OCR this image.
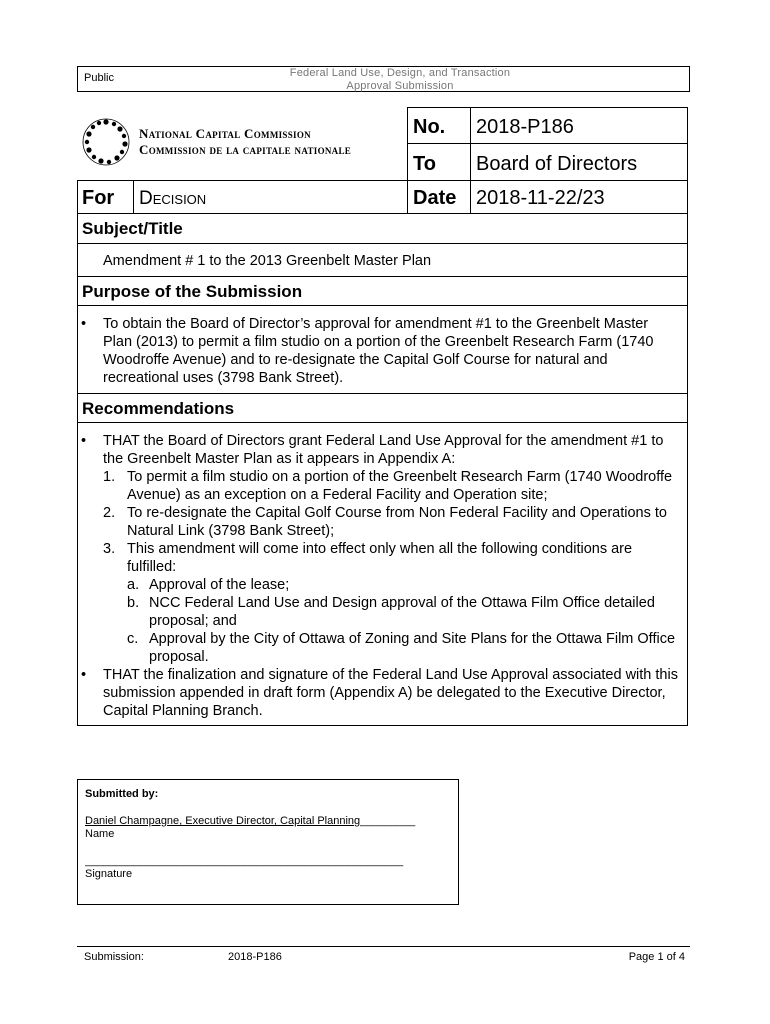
Public	Federal Land Use, Design, and Transaction
Approval Submission
National Capital Commission
Commission de la capitale nationale
No. 2018-P186
To Board of Directors
For Decision	Date 2018-11-22/23
Subject/Title
Amendment # 1 to the 2013 Greenbelt Master Plan
Purpose of the Submission
• To obtain the Board of Director’s approval for amendment #1 to the Greenbelt Master Plan (2013) to permit a film studio on a portion of the Greenbelt Research Farm (1740 Woodroffe Avenue) and to re-designate the Capital Golf Course for natural and recreational uses (3798 Bank Street).
Recommendations
• THAT the Board of Directors grant Federal Land Use Approval for the amendment #1 to the Greenbelt Master Plan as it appears in Appendix A:
1. To permit a film studio on a portion of the Greenbelt Research Farm (1740 Woodroffe Avenue) as an exception on a Federal Facility and Operation site;
2. To re-designate the Capital Golf Course from Non Federal Facility and Operations to Natural Link (3798 Bank Street);
3. This amendment will come into effect only when all the following conditions are fulfilled:
a. Approval of the lease;
b. NCC Federal Land Use and Design approval of the Ottawa Film Office detailed proposal; and
c. Approval by the City of Ottawa of Zoning and Site Plans for the Ottawa Film Office proposal.
• THAT the finalization and signature of the Federal Land Use Approval associated with this submission appended in draft form (Appendix A) be delegated to the Executive Director, Capital Planning Branch.
Submitted by:
Daniel Champagne, Executive Director, Capital Planning_________
Name
____________________________________________________
Signature
Submission:	2018-P186	Page 1 of 4
